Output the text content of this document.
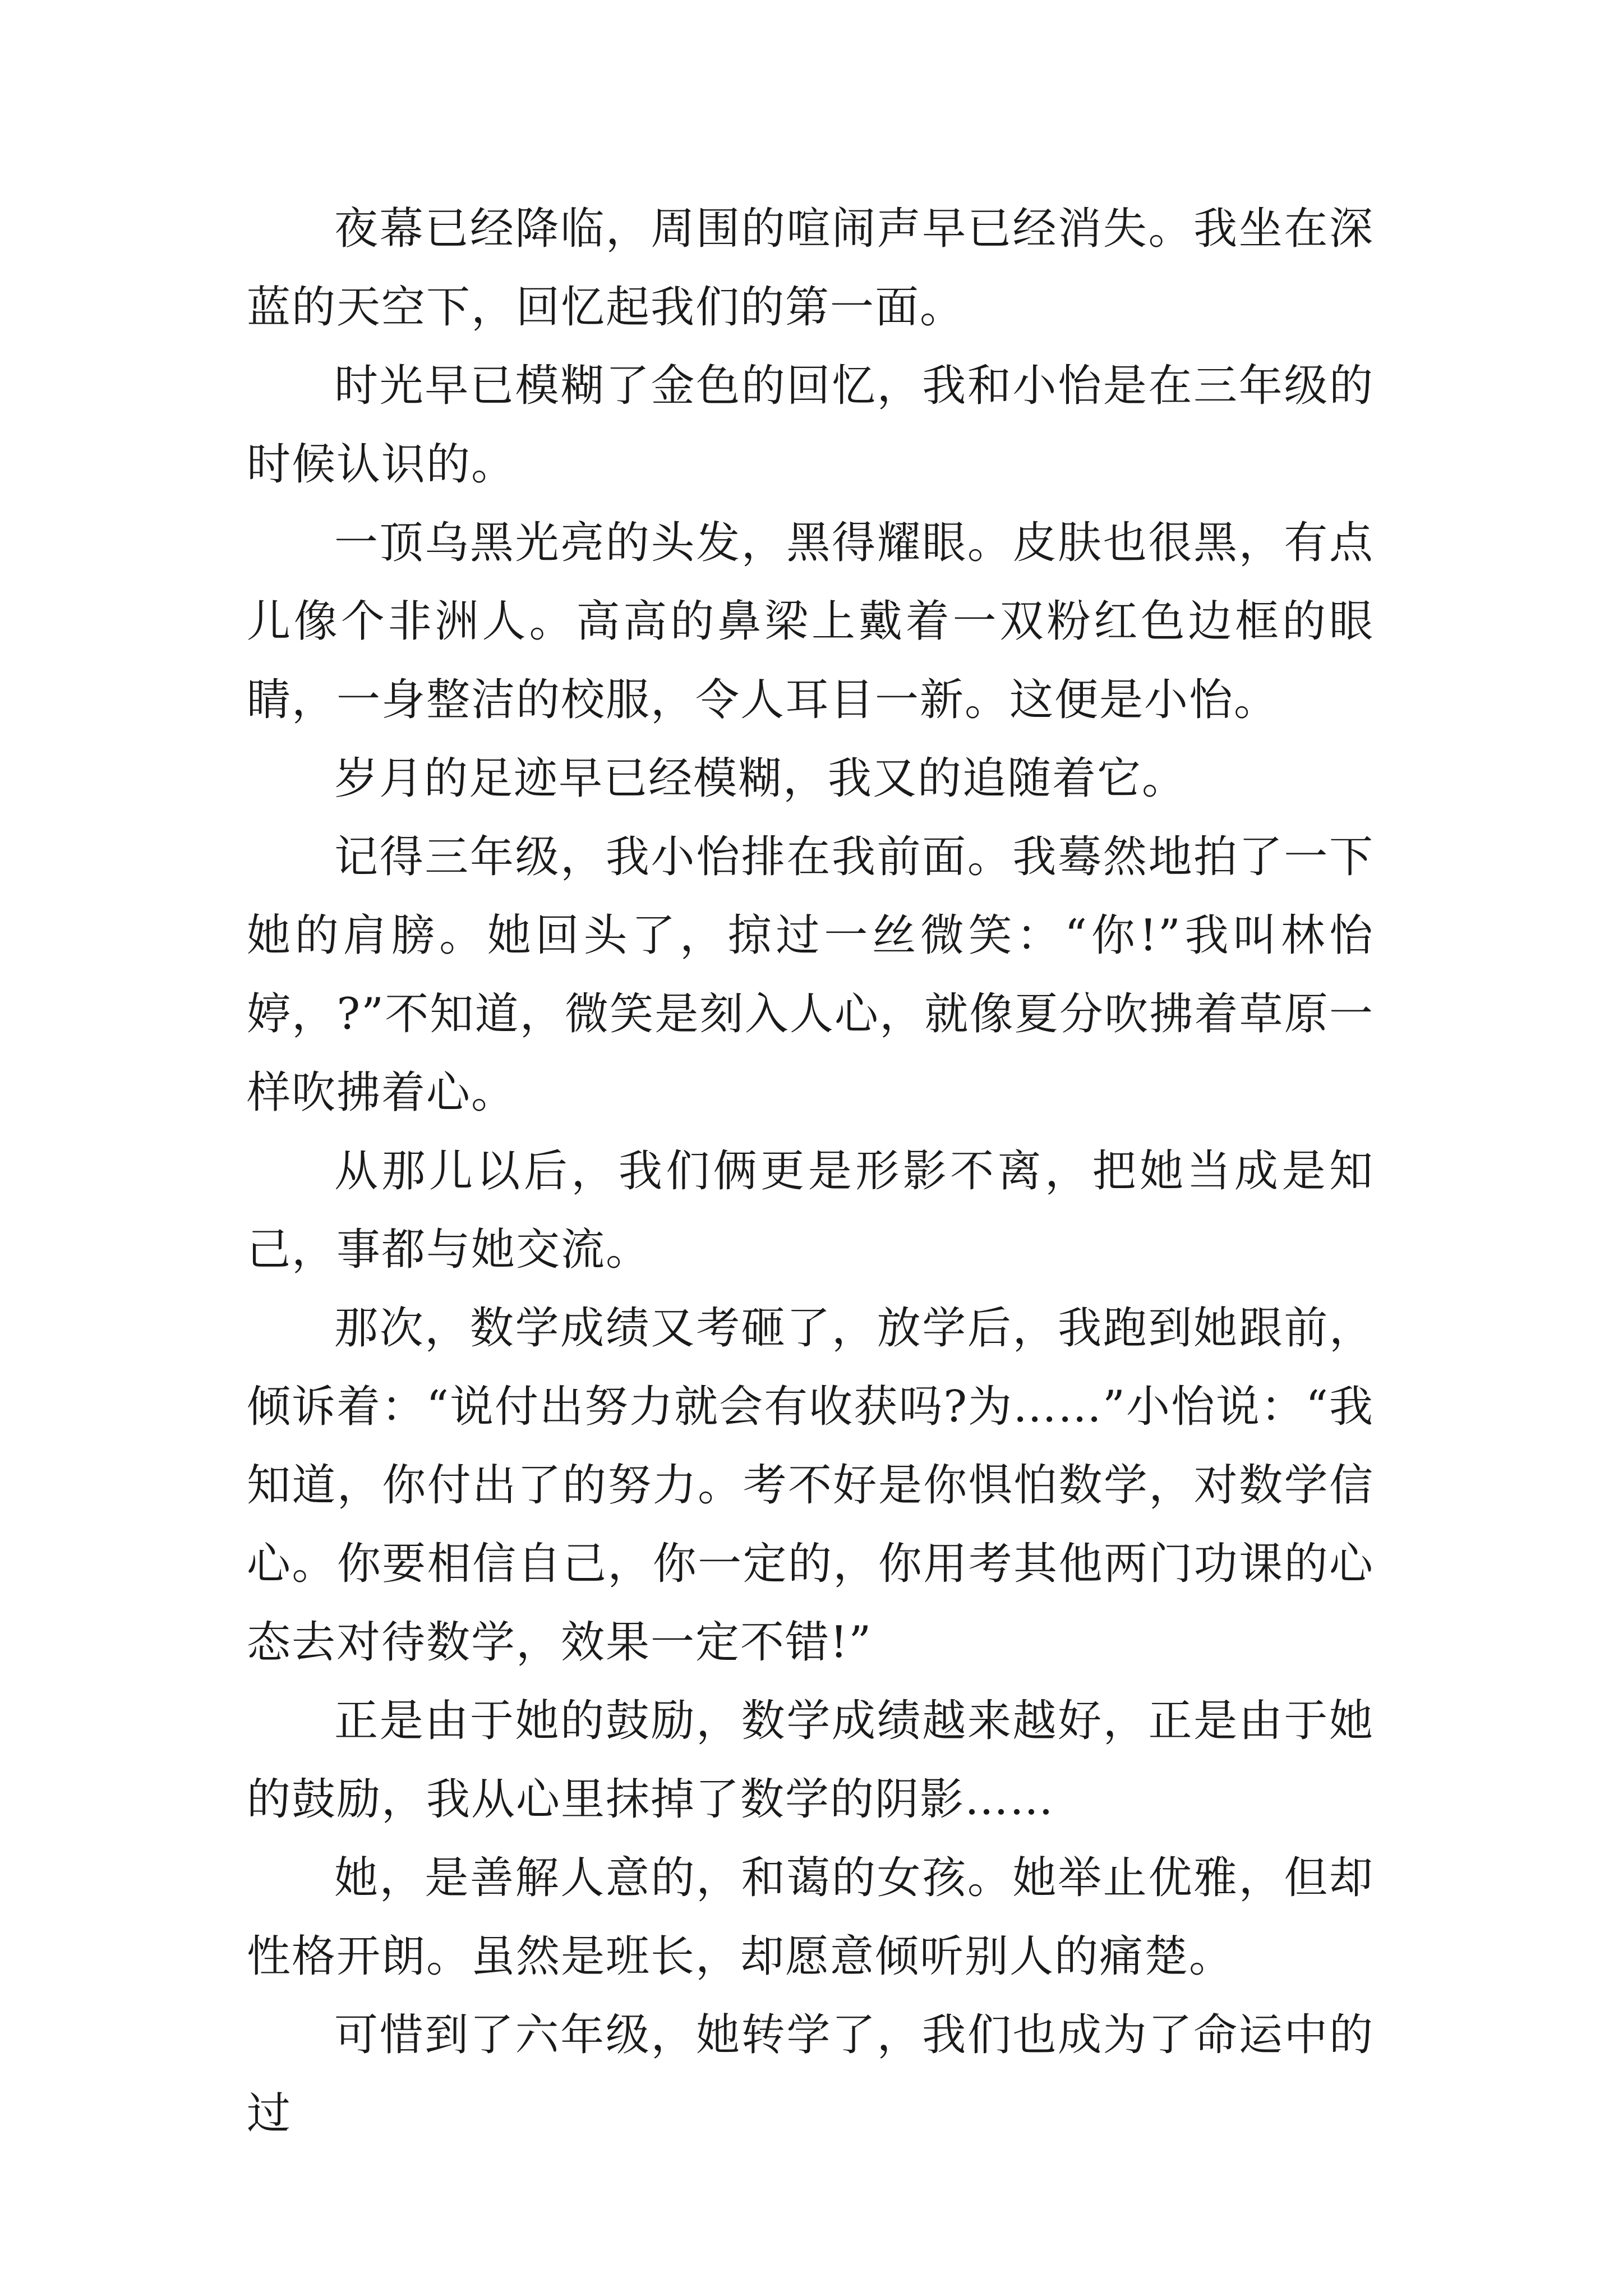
夜幕已经降临，周围的喧闹声早已经消失。我坐在深蓝的天空下，回忆起我们的第一面。

时光早已模糊了金色的回忆，我和小怡是在三年级的时候认识的。

一顶乌黑光亮的头发，黑得耀眼。皮肤也很黑，有点儿像个非洲人。高高的鼻梁上戴着一双粉红色边框的眼睛，一身整洁的校服，令人耳目一新。这便是小怡。

岁月的足迹早已经模糊，我又的追随着它。

记得三年级，我小怡排在我前面。我蓦然地拍了一下她的肩膀。她回头了，掠过一丝微笑：“你!”我叫林怡婷，?”不知道，微笑是刻入人心，就像夏分吹拂着草原一样吹拂着心。

从那儿以后，我们俩更是形影不离，把她当成是知己，事都与她交流。

那次，数学成绩又考砸了，放学后，我跑到她跟前，倾诉着：“说付出努力就会有收获吗?为……”小怡说：“我知道，你付出了的努力。考不好是你惧怕数学，对数学信心。你要相信自己，你一定的，你用考其他两门功课的心态去对待数学，效果一定不错!”

正是由于她的鼓励，数学成绩越来越好，正是由于她的鼓励，我从心里抹掉了数学的阴影……

她，是善解人意的，和蔼的女孩。她举止优雅，但却性格开朗。虽然是班长，却愿意倾听别人的痛楚。

可惜到了六年级，她转学了，我们也成为了命运中的过
